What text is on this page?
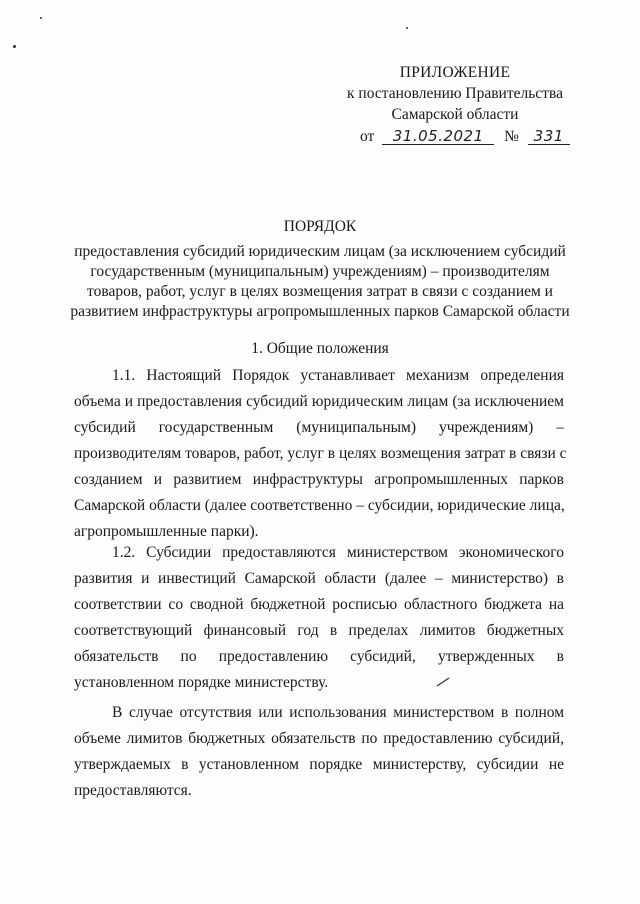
ПРИЛОЖЕНИЕ
к постановлению Правительства
Самарской области
от 31.05.2021 № 331
ПОРЯДОК
предоставления субсидий юридическим лицам (за исключением субсидий
государственным (муниципальным) учреждениям) – производителям
товаров, работ, услуг в целях возмещения затрат в связи с созданием и
развитием инфраструктуры агропромышленных парков Самарской области
1. Общие положения
1.1. Настоящий Порядок устанавливает механизм определения
объема и предоставления субсидий юридическим лицам (за исключением
субсидий государственным (муниципальным) учреждениям) –
производителям товаров, работ, услуг в целях возмещения затрат в связи с
созданием и развитием инфраструктуры агропромышленных парков
Самарской области (далее соответственно – субсидии, юридические лица,
агропромышленные парки).
1.2. Субсидии предоставляются министерством экономического
развития и инвестиций Самарской области (далее – министерство) в
соответствии со сводной бюджетной росписью областного бюджета на
соответствующий финансовый год в пределах лимитов бюджетных
обязательств по предоставлению субсидий, утвержденных в
установленном порядке министерству.
В случае отсутствия или использования министерством в полном
объеме лимитов бюджетных обязательств по предоставлению субсидий,
утверждаемых в установленном порядке министерству, субсидии не
предоставляются.
